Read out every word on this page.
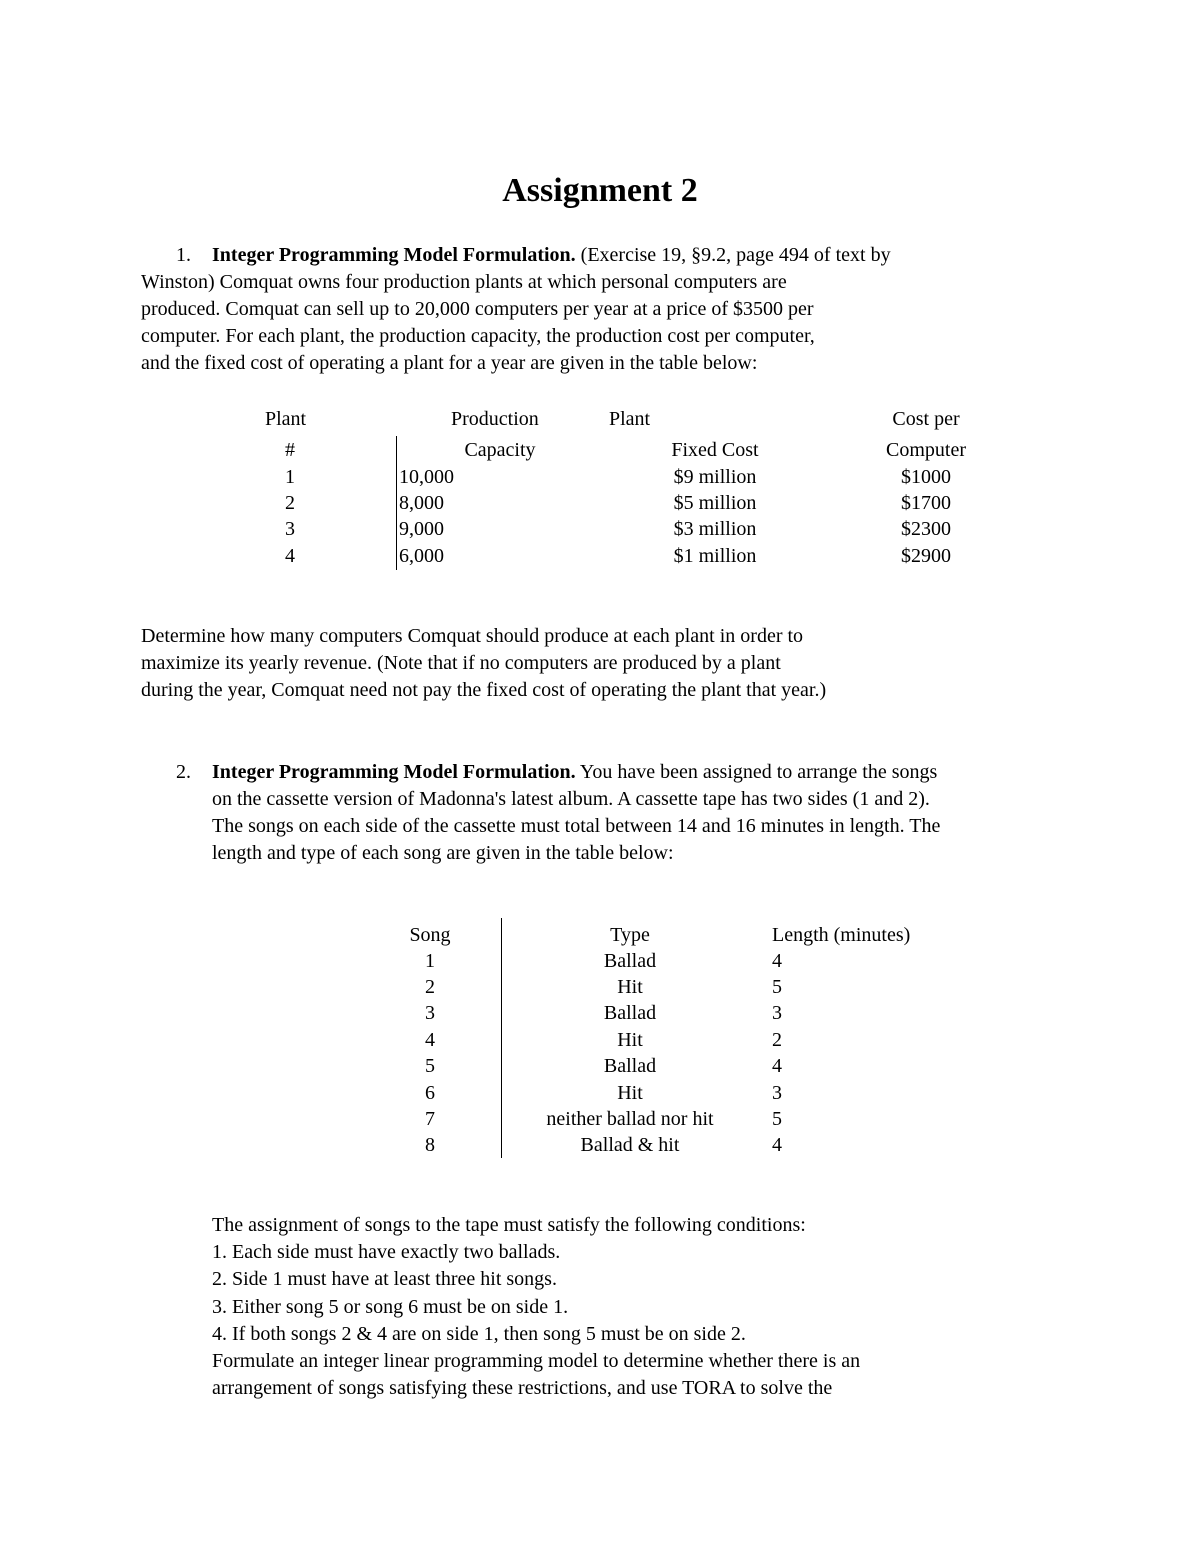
Assignment 2
1. Integer Programming Model Formulation. (Exercise 19, §9.2, page 494 of text by
Winston) Comquat owns four production plants at which personal computers are
produced. Comquat can sell up to 20,000 computers per year at a price of $3500 per
computer. For each plant, the production capacity, the production cost per computer,
and the fixed cost of operating a plant for a year are given in the table below:
Plant	Production	Plant	Cost per
#	Capacity	Fixed Cost	Computer
1	10,000	$9 million	$1000
2	8,000	$5 million	$1700
3	9,000	$3 million	$2300
4	6,000	$1 million	$2900
Determine how many computers Comquat should produce at each plant in order to
maximize its yearly revenue. (Note that if no computers are produced by a plant
during the year, Comquat need not pay the fixed cost of operating the plant that year.)
2. Integer Programming Model Formulation. You have been assigned to arrange the songs
on the cassette version of Madonna's latest album. A cassette tape has two sides (1 and 2).
The songs on each side of the cassette must total between 14 and 16 minutes in length. The
length and type of each song are given in the table below:
Song	Type	Length (minutes)
1	Ballad	4
2	Hit	5
3	Ballad	3
4	Hit	2
5	Ballad	4
6	Hit	3
7	neither ballad nor hit	5
8	Ballad & hit	4
The assignment of songs to the tape must satisfy the following conditions:
1. Each side must have exactly two ballads.
2. Side 1 must have at least three hit songs.
3. Either song 5 or song 6 must be on side 1.
4. If both songs 2 & 4 are on side 1, then song 5 must be on side 2.
Formulate an integer linear programming model to determine whether there is an
arrangement of songs satisfying these restrictions, and use TORA to solve the
